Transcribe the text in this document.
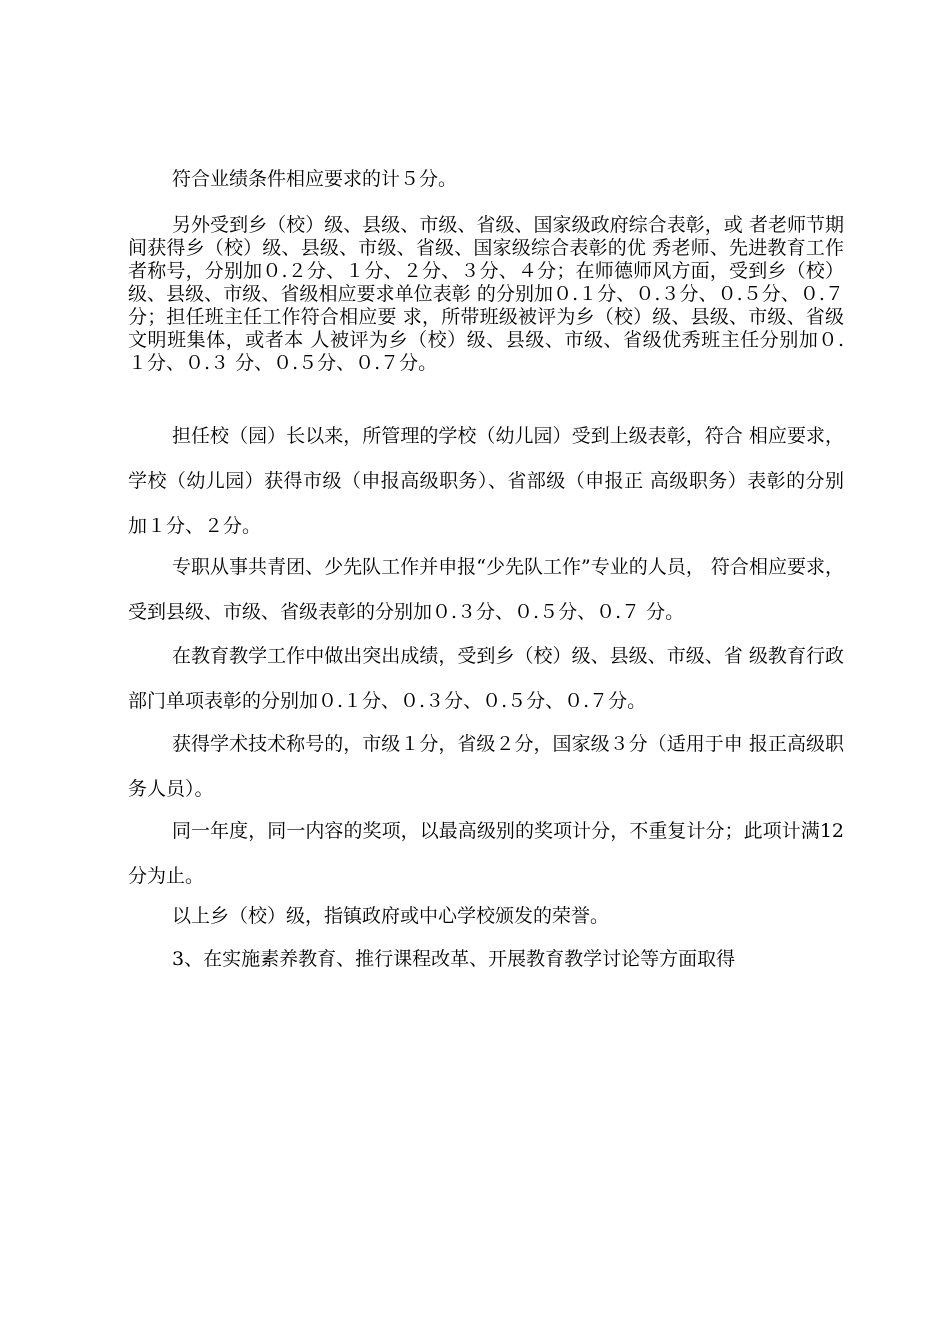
符合业绩条件相应要求的计５分。

另外受到乡（校）级、县级、市级、省级、国家级政府综合表彰，或 者老师节期间获得乡（校）级、县级、市级、省级、国家级综合表彰的优 秀老师、先进教育工作者称号，分别加０.２分、１分、２分、３分、４分；在师德师风方面，受到乡（校）级、县级、市级、省级相应要求单位表彰 的分别加０.１分、０.３分、０.５分、０.７分；担任班主任工作符合相应要 求，所带班级被评为乡（校）级、县级、市级、省级文明班集体，或者本 人被评为乡（校）级、县级、市级、省级优秀班主任分别加０. １分、０.３ 分、０.５分、０.７分。

担任校（园）长以来，所管理的学校（幼儿园）受到上级表彰，符合 相应要求，学校（幼儿园）获得市级（申报高级职务）、省部级（申报正 高级职务）表彰的分别加１分、２分。

专职从事共青团、少先队工作并申报“少先队工作”专业的人员， 符合相应要求，受到县级、市级、省级表彰的分别加０.３分、０.５分、０.７ 分。

在教育教学工作中做出突出成绩，受到乡（校）级、县级、市级、省 级教育行政部门单项表彰的分别加０.１分、０.３分、０.５分、０.７分。

获得学术技术称号的，市级１分，省级２分，国家级３分（适用于申 报正高级职务人员）。

同一年度，同一内容的奖项，以最高级别的奖项计分，不重复计分；此项计满12分为止。

以上乡（校）级，指镇政府或中心学校颁发的荣誉。

3、在实施素养教育、推行课程改革、开展教育教学讨论等方面取得
